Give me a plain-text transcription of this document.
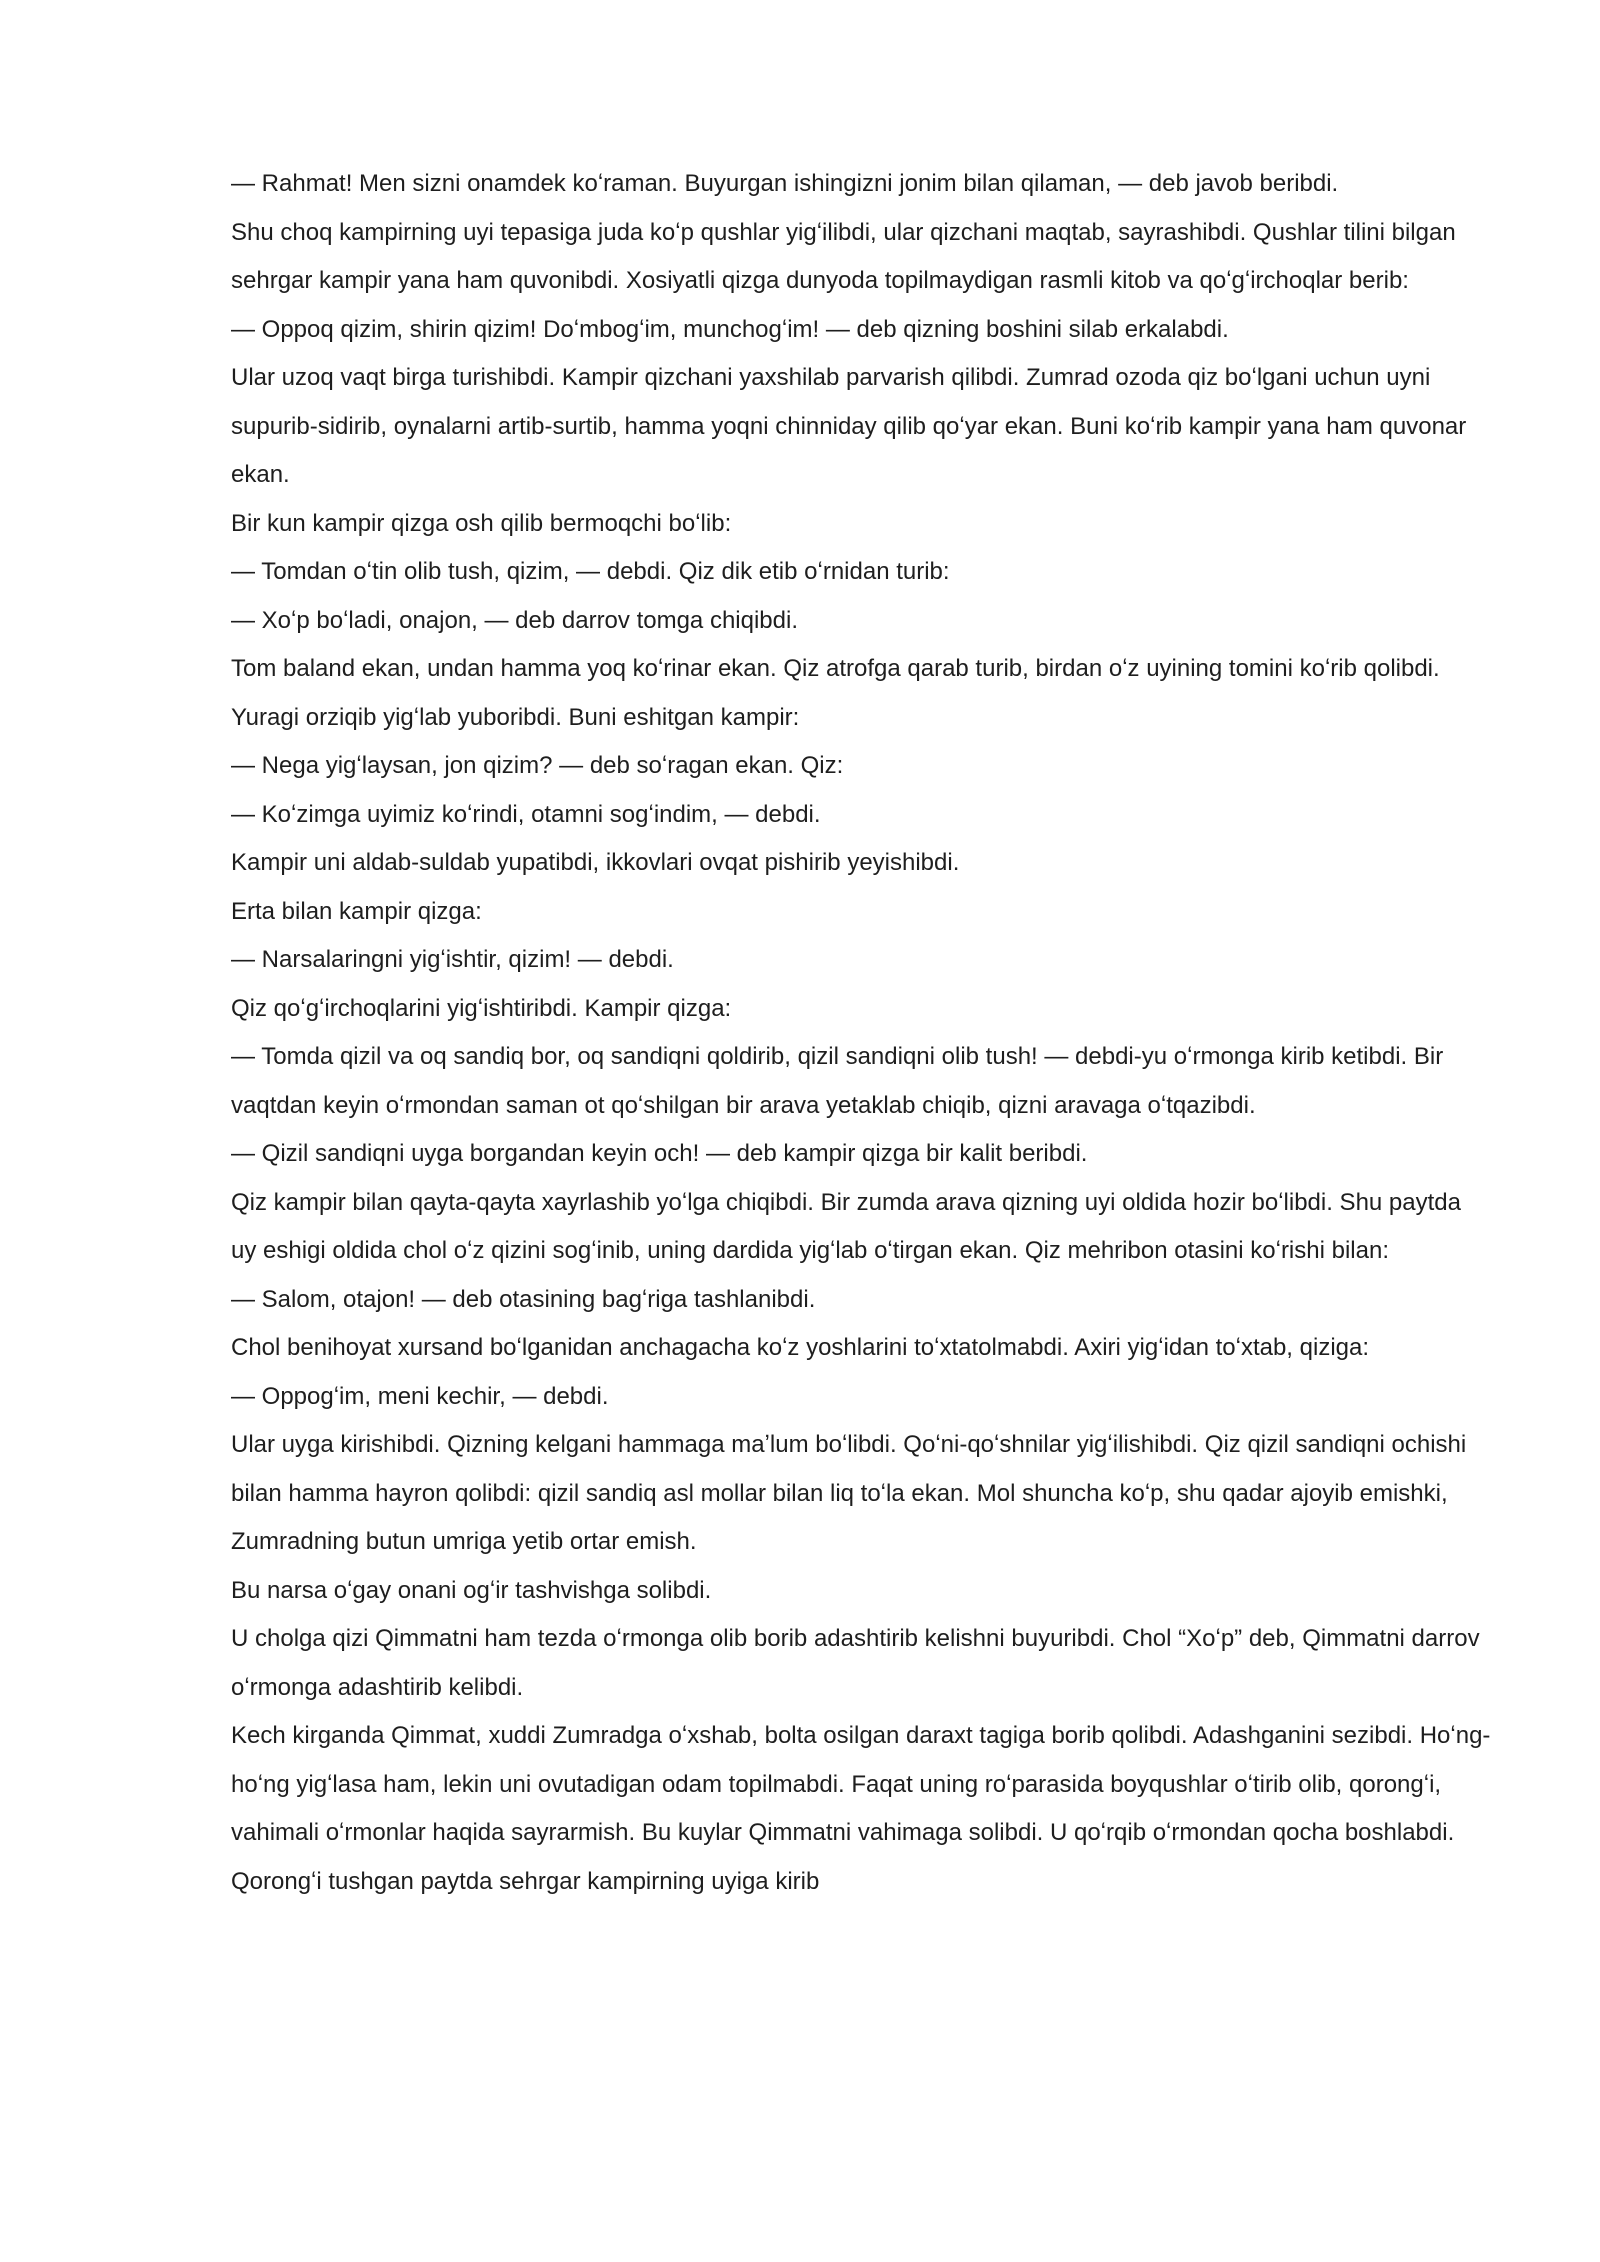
— Rahmat! Men sizni onamdek koʻraman. Buyurgan ishingizni jonim bilan qilaman, — deb javob beribdi.

Shu choq kampirning uyi tepasiga juda koʻp qushlar yigʻilibdi, ular qizchani maqtab, sayrashibdi. Qushlar tilini bilgan sehrgar kampir yana ham quvonibdi. Xosiyatli qizga dunyoda topilmaydigan rasmli kitob va qoʻgʻirchoqlar berib:

— Oppoq qizim, shirin qizim! Doʻmbogʻim, munchogʻim! — deb qizning boshini silab erkalabdi.

Ular uzoq vaqt birga turishibdi. Kampir qizchani yaxshilab parvarish qilibdi. Zumrad ozoda qiz boʻlgani uchun uyni supurib-sidirib, oynalarni artib-surtib, hamma yoqni chinniday qilib qoʻyar ekan. Buni koʻrib kampir yana ham quvonar ekan.

Bir kun kampir qizga osh qilib bermoqchi boʻlib:

— Tomdan oʻtin olib tush, qizim, — debdi. Qiz dik etib oʻrnidan turib:

— Xoʻp boʻladi, onajon, — deb darrov tomga chiqibdi.

Tom baland ekan, undan hamma yoq koʻrinar ekan. Qiz atrofga qarab turib, birdan oʻz uyining tomini koʻrib qolibdi. Yuragi orziqib yigʻlab yuboribdi. Buni eshitgan kampir:

— Nega yigʻlaysan, jon qizim? — deb soʻragan ekan. Qiz:

— Koʻzimga uyimiz koʻrindi, otamni sogʻindim, — debdi.

Kampir uni aldab-suldab yupatibdi, ikkovlari ovqat pishirib yeyishibdi.

Erta bilan kampir qizga:

— Narsalaringni yigʻishtir, qizim! — debdi.

Qiz qoʻgʻirchoqlarini yigʻishtiribdi. Kampir qizga:

— Tomda qizil va oq sandiq bor, oq sandiqni qoldirib, qizil sandiqni olib tush! — debdi-yu oʻrmonga kirib ketibdi. Bir vaqtdan keyin oʻrmondan saman ot qoʻshilgan bir arava yetaklab chiqib, qizni aravaga oʻtqazibdi.

— Qizil sandiqni uyga borgandan keyin och! — deb kampir qizga bir kalit beribdi.

Qiz kampir bilan qayta-qayta xayrlashib yoʻlga chiqibdi. Bir zumda arava qizning uyi oldida hozir boʻlibdi. Shu paytda uy eshigi oldida chol oʻz qizini sogʻinib, uning dardida yigʻlab oʻtirgan ekan. Qiz mehribon otasini koʻrishi bilan:

— Salom, otajon! — deb otasining bagʻriga tashlanibdi.

Chol benihoyat xursand boʻlganidan anchagacha koʻz yoshlarini toʻxtatolmabdi. Axiri yigʻidan toʻxtab, qiziga:

— Oppogʻim, meni kechir, — debdi.

Ular uyga kirishibdi. Qizning kelgani hammaga maʼlum boʻlibdi. Qoʻni-qoʻshnilar yigʻilishibdi. Qiz qizil sandiqni ochishi bilan hamma hayron qolibdi: qizil sandiq asl mollar bilan liq toʻla ekan. Mol shuncha koʻp, shu qadar ajoyib emishki, Zumradning butun umriga yetib ortar emish.

Bu narsa oʻgay onani ogʻir tashvishga solibdi.

U cholga qizi Qimmatni ham tezda oʻrmonga olib borib adashtirib kelishni buyuribdi. Chol “Xoʻp” deb, Qimmatni darrov oʻrmonga adashtirib kelibdi.

Kech kirganda Qimmat, xuddi Zumradga oʻxshab, bolta osilgan daraxt tagiga borib qolibdi. Adashganini sezibdi. Hoʻng-hoʻng yigʻlasa ham, lekin uni ovutadigan odam topilmabdi. Faqat uning roʻparasida boyqushlar oʻtirib olib, qorongʻi, vahimali oʻrmonlar haqida sayrarmish. Bu kuylar Qimmatni vahimaga solibdi. U qoʻrqib oʻrmondan qocha boshlabdi. Qorongʻi tushgan paytda sehrgar kampirning uyiga kirib
